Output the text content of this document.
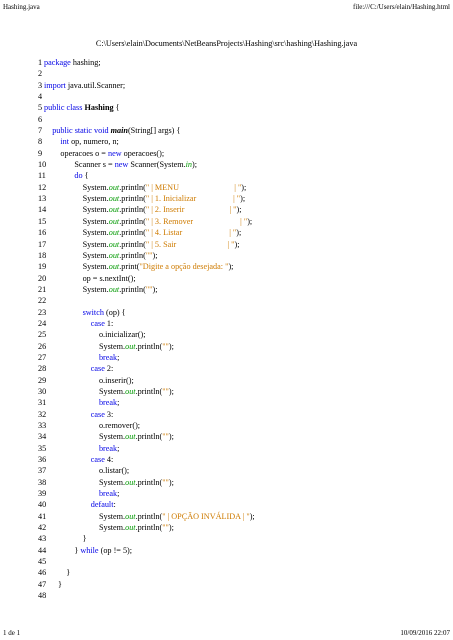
Hashing.java	file:///C:/Users/elain/Hashing.html
C:\Users\elain\Documents\NetBeansProjects\Hashing\src\hashing\Hashing.java
1 package hashing;
2
3 import java.util.Scanner;
4
5 public class Hashing {
6
7	public static void main(String[] args) {
8	int op, numero, n;
9 operacoes o = new operacoes();
10 Scanner s = new Scanner(System.in);
11	do {
12 System.out.println(" | MENU                           | ");
13 System.out.println(" | 1. Inicializar                  | ");
14 System.out.println(" | 2. Inserir                      | ");
15 System.out.println(" | 3. Remover                       | ");
16 System.out.println(" | 4. Listar                       | ");
17 System.out.println(" | 5. Sair                         | ");
18 System.out.println("");
19 System.out.print("Digite a opção desejada: ");
20 op = s.nextInt();
21 System.out.println("");
22
23	switch (op) {
24	case 1:
25 o.inicializar();
26 System.out.println("");
27	break;
28	case 2:
29 o.inserir();
30 System.out.println("");
31	break;
32	case 3:
33 o.remover();
34 System.out.println("");
35	break;
36	case 4:
37 o.listar();
38 System.out.println("");
39	break;
40	default:
41 System.out.println(" | OPÇÃO INVÁLIDA | ");
42 System.out.println("");
43 }
44 } while (op != 5);
45
46 }
47 }
48
1 de 1	10/09/2016 22:07
